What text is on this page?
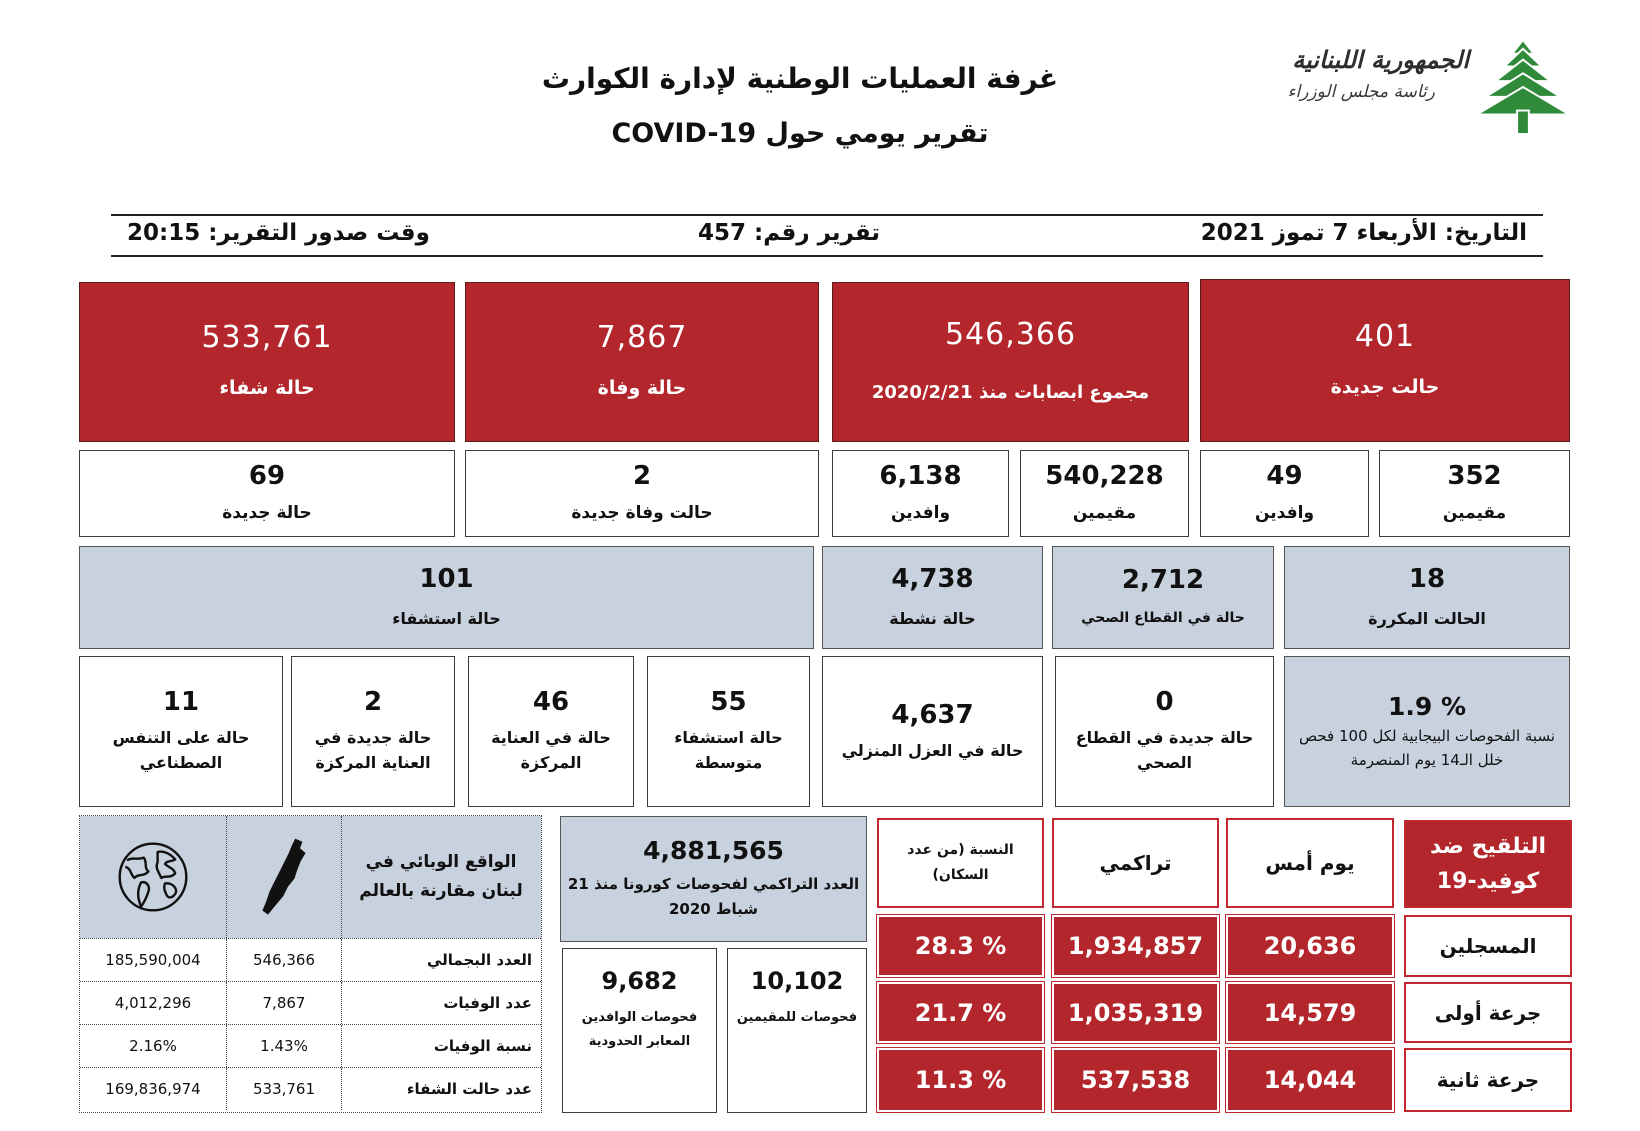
الجمهورية اللبنانية
رئاسة مجلس الوزراء
غرفة العمليات الوطنية لإدارة الكوارث
تقرير يومي حول COVID-19
التاريخ: الأربعاء 7 تموز 2021
تقرير رقم: 457
وقت صدور التقرير: 20:15
401
حالت جديدة
546,366
مجموع ابصابات منذ 2020/2/21
7,867
حالة وفاة
533,761
حالة شفاء
352
مقيمين
49
وافدين
540,228
مقيمين
6,138
وافدين
2
حالت وفاة جديدة
69
حالة جديدة
18
الحالت المكررة
2,712
حالة في القطاع الصحي
4,738
حالة نشطة
101
حالة استشفاء
1.9 %
نسبة الفحوصات البيجابية لكل 100 فحص خلل الـ14 يوم المنصرمة
0
حالة جديدة في القطاع الصحي
4,637
حالة في العزل المنزلي
55
حالة استشفاء متوسطة
46
حالة في العناية المركزة
2
حالة جديدة في العناية المركزة
11
حالة على التنفس الصطناعي
الواقع الوبائي في لبنان مقارنة بالعالم
185,590,004	546,366	العدد البجمالي
4,012,296	7,867	عدد الوفيات
2.16%	1.43%	نسبة الوفيات
169,836,974	533,761	عدد حالت الشفاء
4,881,565
العدد التراكمي لفحوصات كورونا منذ 21 شباط 2020
10,102
فحوصات للمقيمين
9,682
فحوصات الوافدين المعابر الحدودية
التلقيح ضد كوفيد-19
يوم أمس
تراكمي
النسبة (من عدد السكان)
المسجلين
20,636
1,934,857
28.3 %
جرعة أولى
14,579
1,035,319
21.7 %
جرعة ثانية
14,044
537,538
11.3 %
